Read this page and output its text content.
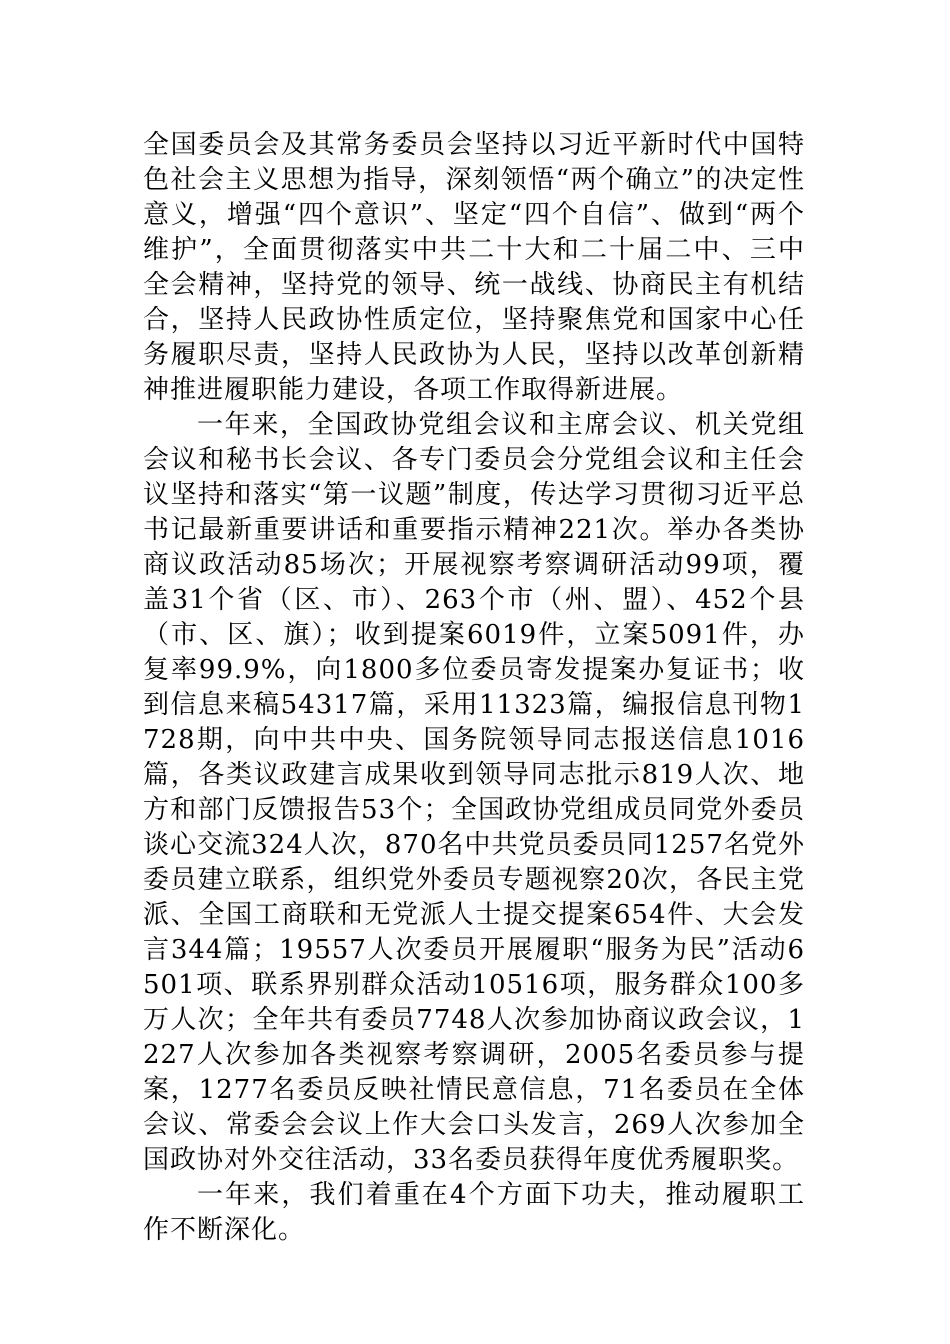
全国委员会及其常务委员会坚持以习近平新时代中国特色社会主义思想为指导，深刻领悟“两个确立”的决定性意义，增强“四个意识”、坚定“四个自信”、做到“两个维护”，全面贯彻落实中共二十大和二十届二中、三中全会精神，坚持党的领导、统一战线、协商民主有机结合，坚持人民政协性质定位，坚持聚焦党和国家中心任务履职尽责，坚持人民政协为人民，坚持以改革创新精神推进履职能力建设，各项工作取得新进展。

一年来，全国政协党组会议和主席会议、机关党组会议和秘书长会议、各专门委员会分党组会议和主任会议坚持和落实“第一议题”制度，传达学习贯彻习近平总书记最新重要讲话和重要指示精神221次。举办各类协商议政活动85场次；开展视察考察调研活动99项，覆盖31个省（区、市）、263个市（州、盟）、452个县（市、区、旗）；收到提案6019件，立案5091件，办复率99.9%，向1800多位委员寄发提案办复证书；收到信息来稿54317篇，采用11323篇，编报信息刊物1728期，向中共中央、国务院领导同志报送信息1016篇，各类议政建言成果收到领导同志批示819人次、地方和部门反馈报告53个；全国政协党组成员同党外委员谈心交流324人次，870名中共党员委员同1257名党外委员建立联系，组织党外委员专题视察20次，各民主党派、全国工商联和无党派人士提交提案654件、大会发言344篇；19557人次委员开展履职“服务为民”活动6501项、联系界别群众活动10516项，服务群众100多万人次；全年共有委员7748人次参加协商议政会议，1227人次参加各类视察考察调研，2005名委员参与提案，1277名委员反映社情民意信息，71名委员在全体会议、常委会会议上作大会口头发言，269人次参加全国政协对外交往活动，33名委员获得年度优秀履职奖。

一年来，我们着重在4个方面下功夫，推动履职工作不断深化。
